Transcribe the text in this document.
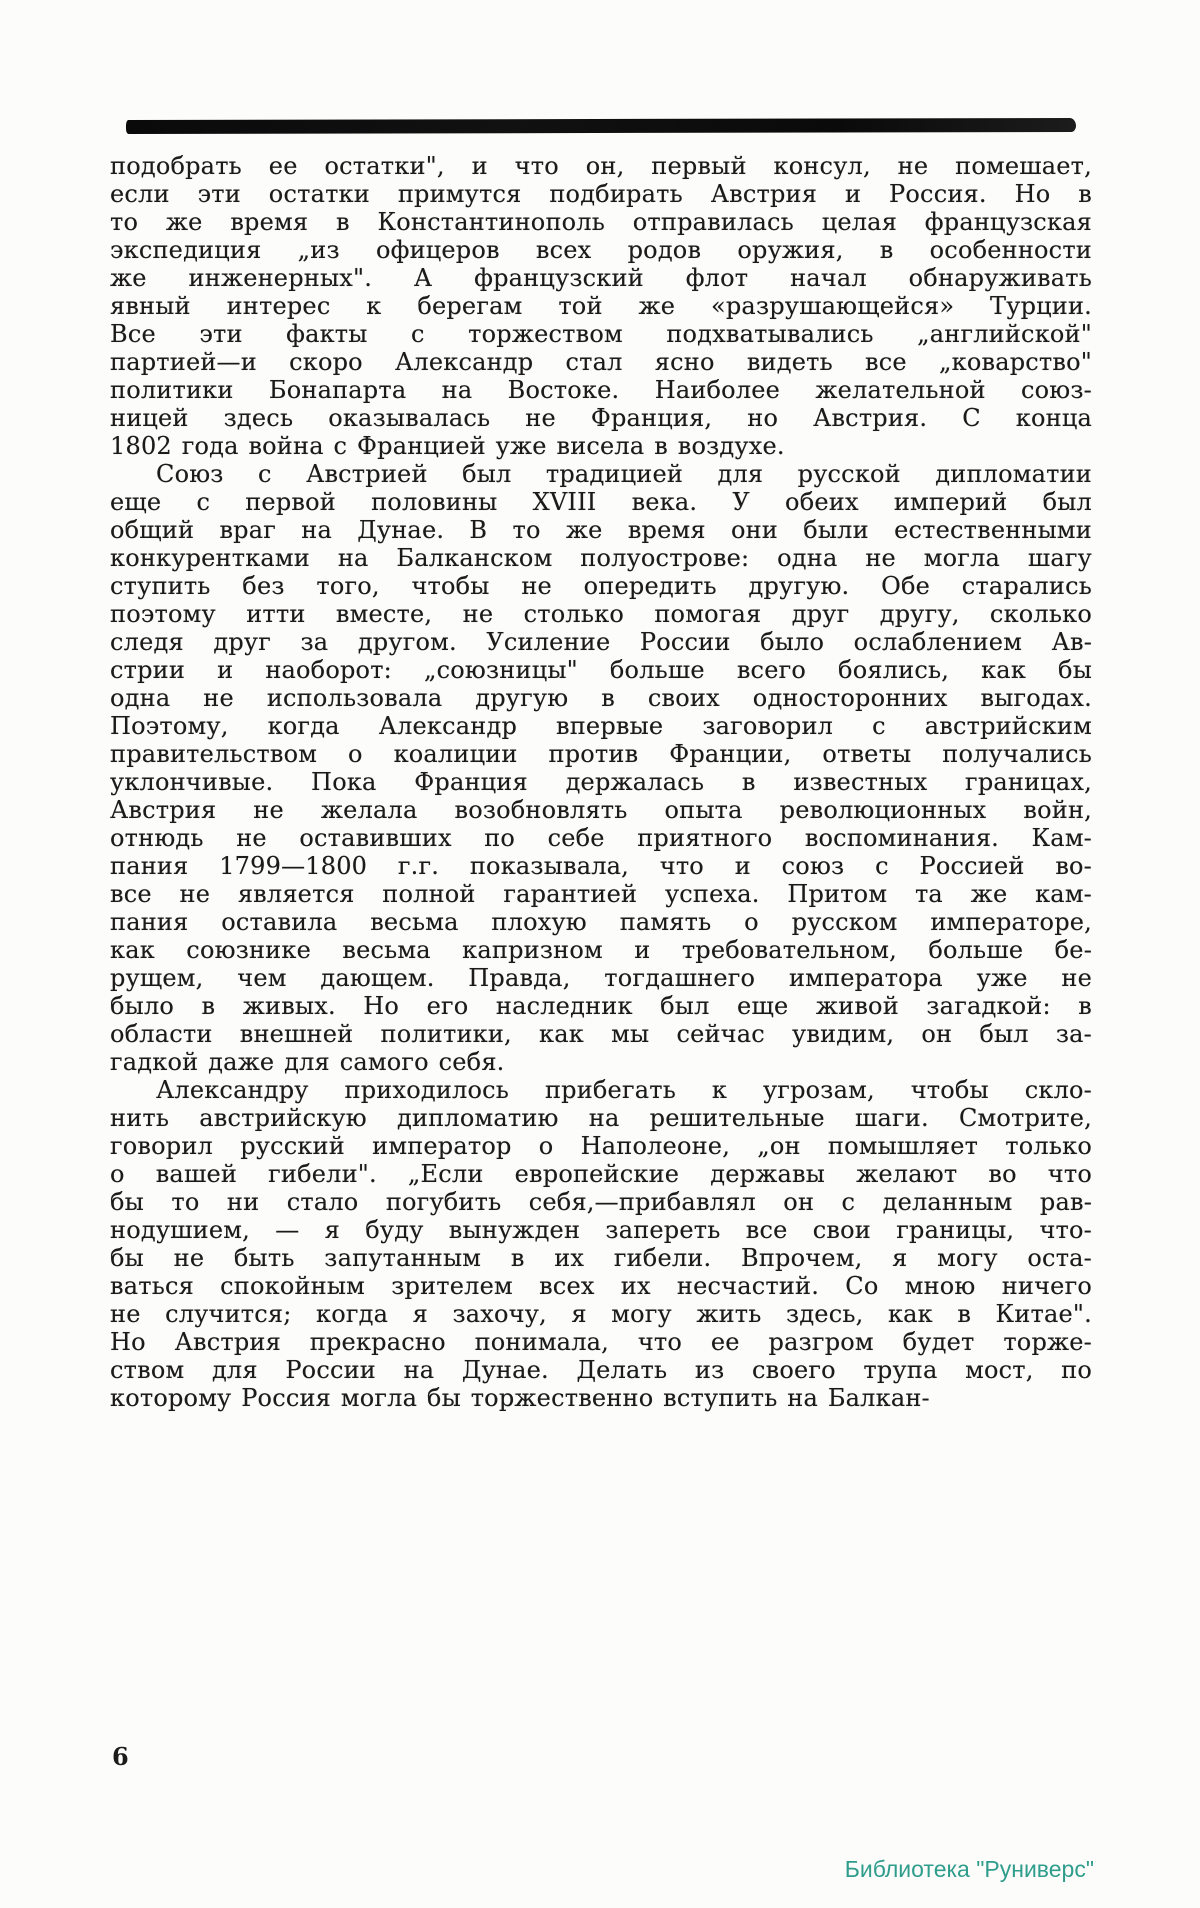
подобрать ее остатки", и что он, первый консул, не помешает,
если эти остатки примутся подбирать Австрия и Россия. Но в
то же время в Константинополь отправилась целая французская
экспедиция „из офицеров всех родов оружия, в особенности
же инженерных". А французский флот начал обнаруживать
явный интерес к берегам той же «разрушающейся» Турции.
Все эти факты с торжеством подхватывались „английской"
партией—и скоро Александр стал ясно видеть все „коварство"
политики Бонапарта на Востоке. Наиболее желательной союз-
ницей здесь оказывалась не Франция, но Австрия. С конца
1802 года война с Францией уже висела в воздухе.
Союз с Австрией был традицией для русской дипломатии
еще с первой половины XVIII века. У обеих империй был
общий враг на Дунае. В то же время они были естественными
конкурентками на Балканском полуострове: одна не могла шагу
ступить без того, чтобы не опередить другую. Обе старались
поэтому итти вместе, не столько помогая друг другу, сколько
следя друг за другом. Усиление России было ослаблением Ав-
стрии и наоборот: „союзницы" больше всего боялись, как бы
одна не использовала другую в своих односторонних выгодах.
Поэтому, когда Александр впервые заговорил с австрийским
правительством о коалиции против Франции, ответы получались
уклончивые. Пока Франция держалась в известных границах,
Австрия не желала возобновлять опыта революционных войн,
отнюдь не оставивших по себе приятного воспоминания. Кам-
пания 1799—1800 г.г. показывала, что и союз с Россией во-
все не является полной гарантией успеха. Притом та же кам-
пания оставила весьма плохую память о русском императоре,
как союзнике весьма капризном и требовательном, больше бе-
рущем, чем дающем. Правда, тогдашнего императора уже не
было в живых. Но его наследник был еще живой загадкой: в
области внешней политики, как мы сейчас увидим, он был за-
гадкой даже для самого себя.
Александру приходилось прибегать к угрозам, чтобы скло-
нить австрийскую дипломатию на решительные шаги. Смотрите,
говорил русский император о Наполеоне, „он помышляет только
о вашей гибели". „Если европейские державы желают во что
бы то ни стало погубить себя,—прибавлял он с деланным рав-
нодушием, — я буду вынужден запереть все свои границы, что-
бы не быть запутанным в их гибели. Впрочем, я могу оста-
ваться спокойным зрителем всех их несчастий. Со мною ничего
не случится; когда я захочу, я могу жить здесь, как в Китае".
Но Австрия прекрасно понимала, что ее разгром будет торже-
ством для России на Дунае. Делать из своего трупа мост, по
которому Россия могла бы торжественно вступить на Балкан-
6
Библиотека "Руниверс"
